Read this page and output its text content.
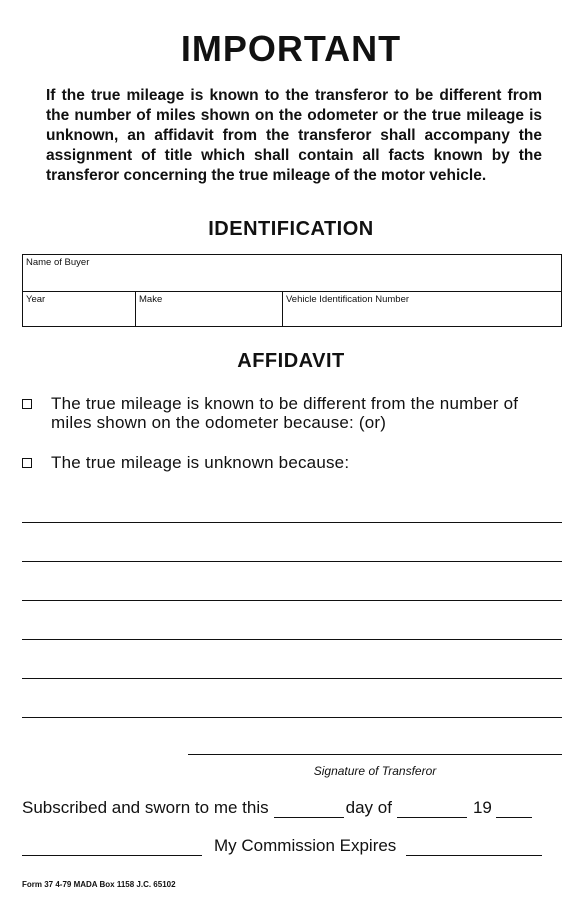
IMPORTANT
If the true mileage is known to the transferor to be different from the number of miles shown on the odometer or the true mileage is unknown, an affidavit from the transferor shall accompany the assignment of title which shall contain all facts known by the transferor concerning the true mileage of the motor vehicle.
IDENTIFICATION
Name of Buyer
Year	Make	Vehicle Identification Number
AFFIDAVIT
The true mileage is known to be different from the number of miles shown on the odometer because: (or)
The true mileage is unknown because:
Signature of Transferor
Subscribed and sworn to me this	day of	19
My Commission Expires
Form 37 4-79 MADA Box 1158 J.C. 65102
